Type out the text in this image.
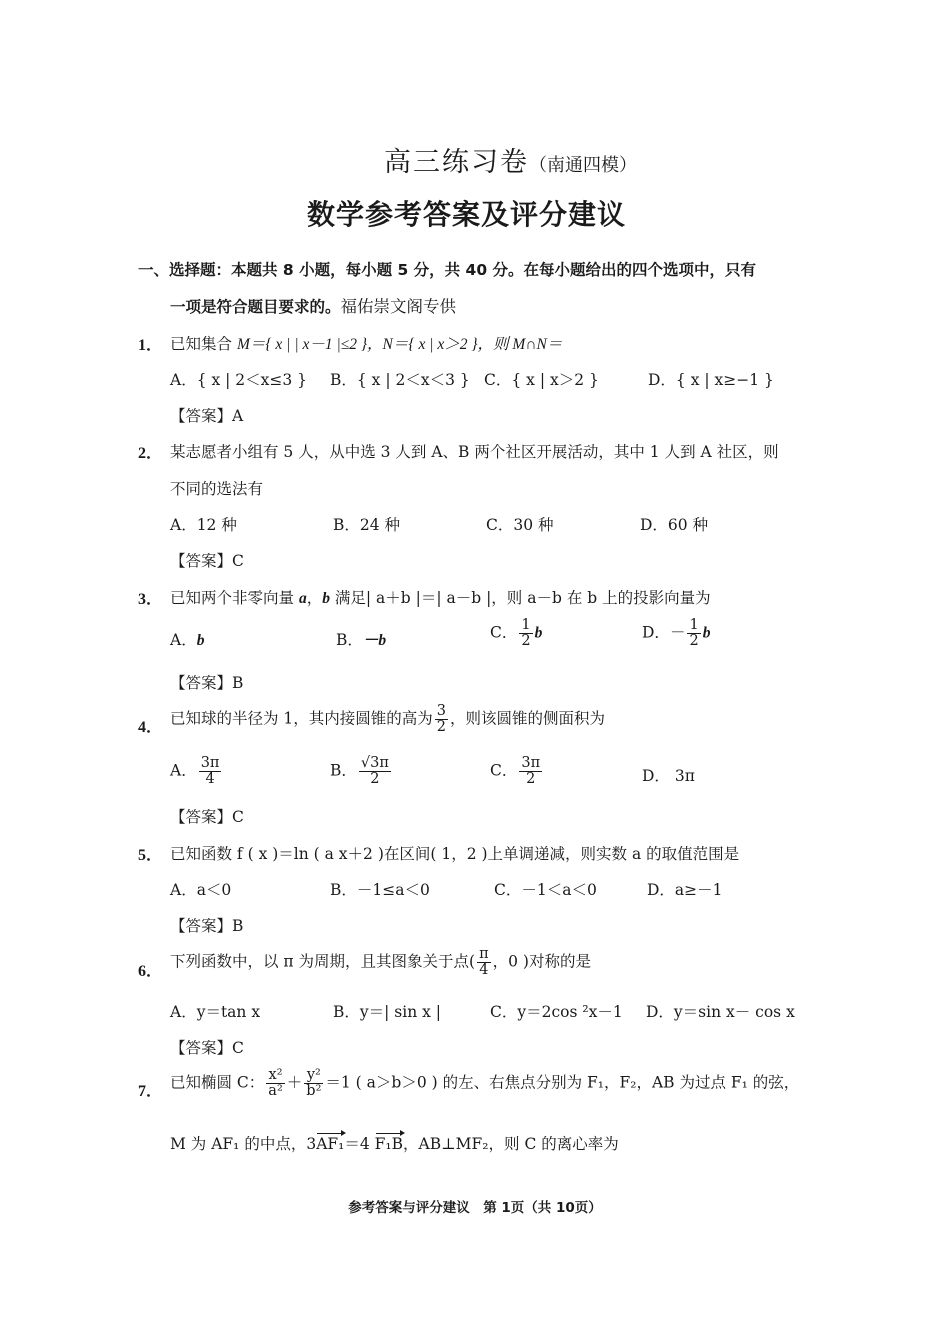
高三练习卷（南通四模）
数学参考答案及评分建议
一、选择题：本题共 8 小题，每小题 5 分，共 40 分。在每小题给出的四个选项中，只有
一项是符合题目要求的。福佑崇文阁专供
1． 已知集合 M＝{ x | | x－1 |≤2 }，N＝{ x | x＞2 }，则 M∩N＝
A．{ x | 2＜x≤3 } B．{ x | 2＜x＜3 } C．{ x | x＞2 }	D．{ x | x≥−1 }
【答案】A
2． 某志愿者小组有 5 人，从中选 3 人到 A、B 两个社区开展活动，其中 1 人到 A 社区，则
不同的选法有
A．12 种	B．24 种	C．30 种	D．60 种
【答案】C
3． 已知两个非零向量 a，b 满足| a＋b |＝| a－b |，则 a－b 在 b 上的投影向量为
A．b	B．－b	C． $\frac{1}{2}$ b	D．－ $\frac{1}{2}$ b
【答案】B
4． 已知球的半径为 1，其内接圆锥的高为 $\frac{3}{2}$ ，则该圆锥的侧面积为
A． $\frac{3\pi}{4}$	B． $\frac{√3\pi}{2}$	C． $\frac{3\pi}{2}$	D． 3π
【答案】C
5． 已知函数 f ( x )＝ln ( a x＋2 )在区间( 1，2 )上单调递减，则实数 a 的取值范围是
A．a＜0	B．－1≤a＜0	C．－1＜a＜0	D．a≥－1
【答案】B
6．
下列函数中，以 π 为周期，且其图象关于点( $\frac{\pi}{4}$ ，0 )对称的是
A．y＝tan x	B．y＝| sin x |	C．y＝2cos ²x－1 D．y＝sin x－ cos x
【答案】C
7． 已知椭圆 C： $\frac{\text{x²}}{\text{a²}} + \frac{\text{y²}}{\text{b²}} =1$ ( a＞b＞0 ) 的左、右焦点分别为 F₁，F₂，AB 为过点 F₁ 的弦，
M 为 AF₁ 的中点，3AF₁＝4 F₁B，AB⊥MF₂，则 C 的离心率为
参考答案与评分建议　第 1页（共 10页）
